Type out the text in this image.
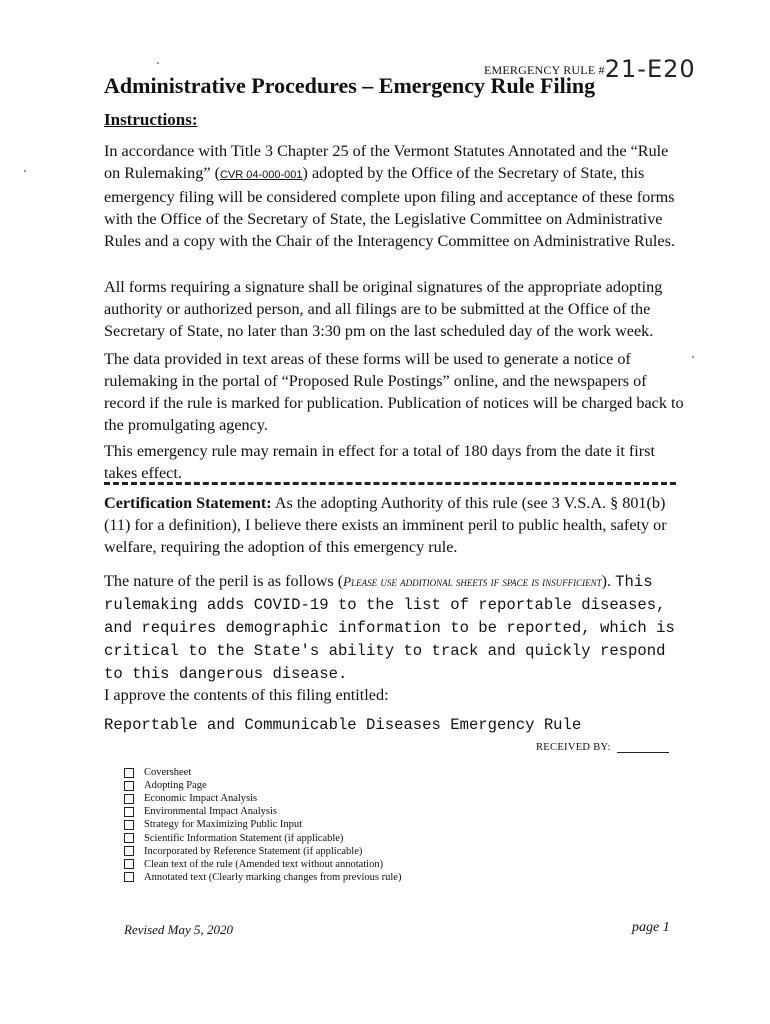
EMERGENCY RULE #21-E20
Administrative Procedures – Emergency Rule Filing
Instructions:
In accordance with Title 3 Chapter 25 of the Vermont Statutes Annotated and the “Rule on Rulemaking” (CVR 04-000-001) adopted by the Office of the Secretary of State, this emergency filing will be considered complete upon filing and acceptance of these forms with the Office of the Secretary of State, the Legislative Committee on Administrative Rules and a copy with the Chair of the Interagency Committee on Administrative Rules.
All forms requiring a signature shall be original signatures of the appropriate adopting authority or authorized person, and all filings are to be submitted at the Office of the Secretary of State, no later than 3:30 pm on the last scheduled day of the work week.
The data provided in text areas of these forms will be used to generate a notice of rulemaking in the portal of “Proposed Rule Postings” online, and the newspapers of record if the rule is marked for publication. Publication of notices will be charged back to the promulgating agency.
This emergency rule may remain in effect for a total of 180 days from the date it first takes effect.
Certification Statement: As the adopting Authority of this rule (see 3 V.S.A. § 801(b)(11) for a definition), I believe there exists an imminent peril to public health, safety or welfare, requiring the adoption of this emergency rule.
The nature of the peril is as follows (Please use additional sheets if space is insufficient). This rulemaking adds COVID-19 to the list of reportable diseases, and requires demographic information to be reported, which is critical to the State's ability to track and quickly respond to this dangerous disease.
I approve the contents of this filing entitled:
Reportable and Communicable Diseases Emergency Rule
RECEIVED BY:
Coversheet
Adopting Page
Economic Impact Analysis
Environmental Impact Analysis
Strategy for Maximizing Public Input
Scientific Information Statement (if applicable)
Incorporated by Reference Statement (if applicable)
Clean text of the rule (Amended text without annotation)
Annotated text (Clearly marking changes from previous rule)
Revised May 5, 2020	page 1
